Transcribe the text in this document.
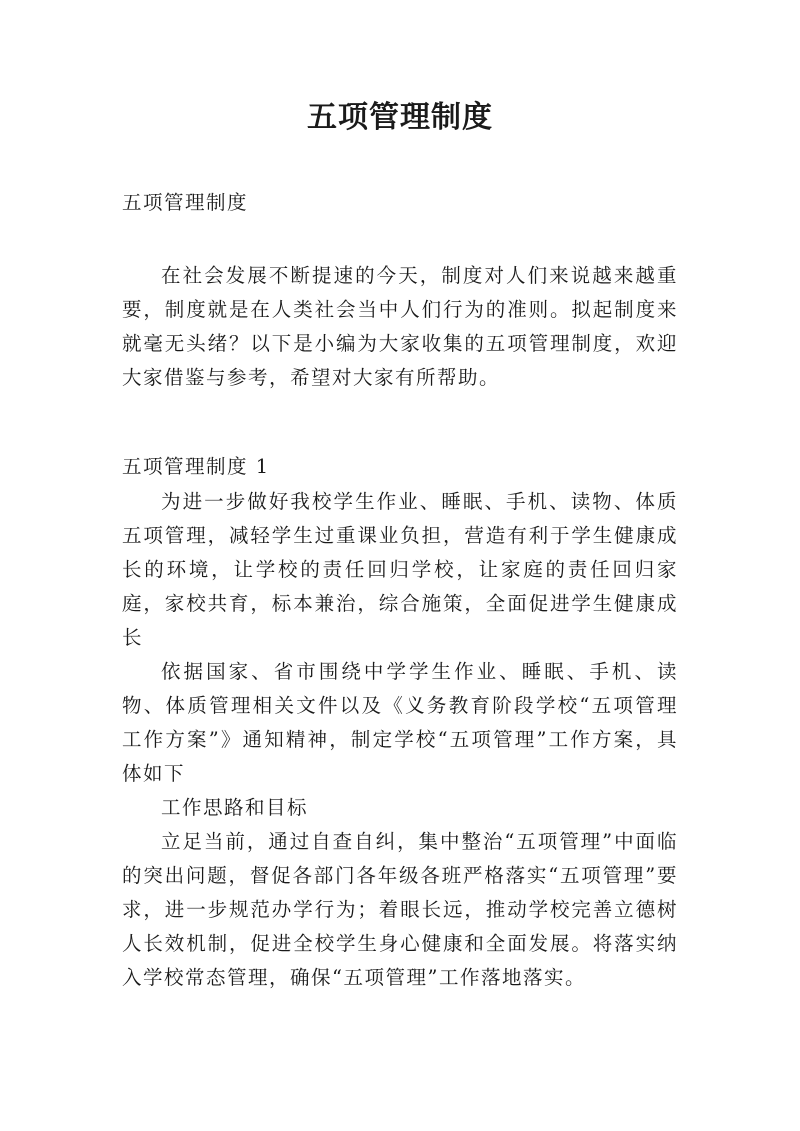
五项管理制度
五项管理制度
在社会发展不断提速的今天，制度对人们来说越来越重要，制度就是在人类社会当中人们行为的准则。拟起制度来就毫无头绪？以下是小编为大家收集的五项管理制度，欢迎大家借鉴与参考，希望对大家有所帮助。
五项管理制度 1

为进一步做好我校学生作业、睡眠、手机、读物、体质五项管理，减轻学生过重课业负担，营造有利于学生健康成长的环境，让学校的责任回归学校，让家庭的责任回归家庭，家校共育，标本兼治，综合施策，全面促进学生健康成长

依据国家、省市围绕中学学生作业、睡眠、手机、读物、体质管理相关文件以及《义务教育阶段学校“五项管理工作方案”》通知精神，制定学校“五项管理”工作方案，具体如下

工作思路和目标

立足当前，通过自查自纠，集中整治“五项管理”中面临的突出问题，督促各部门各年级各班严格落实“五项管理”要求，进一步规范办学行为；着眼长远，推动学校完善立德树人长效机制，促进全校学生身心健康和全面发展。将落实纳入学校常态管理，确保“五项管理”工作落地落实。
